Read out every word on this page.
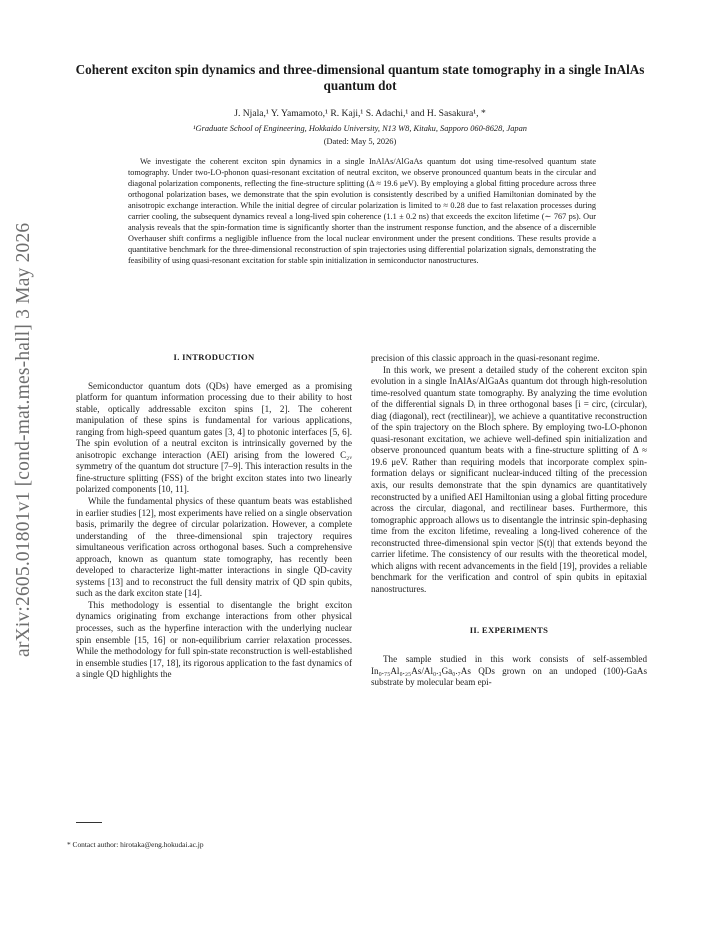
arXiv:2605.01801v1 [cond-mat.mes-hall] 3 May 2026
Coherent exciton spin dynamics and three-dimensional quantum state tomography in a single InAlAs quantum dot
J. Njala,¹ Y. Yamamoto,¹ R. Kaji,¹ S. Adachi,¹ and H. Sasakura¹, *
¹Graduate School of Engineering, Hokkaido University, N13 W8, Kitaku, Sapporo 060-8628, Japan
(Dated: May 5, 2026)
We investigate the coherent exciton spin dynamics in a single InAlAs/AlGaAs quantum dot using time-resolved quantum state tomography. Under two-LO-phonon quasi-resonant excitation of neutral exciton, we observe pronounced quantum beats in the circular and diagonal polarization components, reflecting the fine-structure splitting (Δ ≈ 19.6 μeV). By employing a global fitting procedure across three orthogonal polarization bases, we demonstrate that the spin evolution is consistently described by a unified Hamiltonian dominated by the anisotropic exchange interaction. While the initial degree of circular polarization is limited to ≈ 0.28 due to fast relaxation processes during carrier cooling, the subsequent dynamics reveal a long-lived spin coherence (1.1 ± 0.2 ns) that exceeds the exciton lifetime (∼ 767 ps). Our analysis reveals that the spin-formation time is significantly shorter than the instrument response function, and the absence of a discernible Overhauser shift confirms a negligible influence from the local nuclear environment under the present conditions. These results provide a quantitative benchmark for the three-dimensional reconstruction of spin trajectories using differential polarization signals, demonstrating the feasibility of using quasi-resonant excitation for stable spin initialization in semiconductor nanostructures.
I. INTRODUCTION

Semiconductor quantum dots (QDs) have emerged as a promising platform for quantum information processing due to their ability to host stable, optically addressable exciton spins [1, 2]. The coherent manipulation of these spins is fundamental for various applications, ranging from high-speed quantum gates [3, 4] to photonic interfaces [5, 6]. The spin evolution of a neutral exciton is intrinsically governed by the anisotropic exchange interaction (AEI) arising from the lowered C₂ᵥ symmetry of the quantum dot structure [7–9]. This interaction results in the fine-structure splitting (FSS) of the bright exciton states into two linearly polarized components [10, 11].

While the fundamental physics of these quantum beats was established in earlier studies [12], most experiments have relied on a single observation basis, primarily the degree of circular polarization. However, a complete understanding of the three-dimensional spin trajectory requires simultaneous verification across orthogonal bases. Such a comprehensive approach, known as quantum state tomography, has recently been developed to characterize light-matter interactions in single QD-cavity systems [13] and to reconstruct the full density matrix of QD spin qubits, such as the dark exciton state [14].

This methodology is essential to disentangle the bright exciton dynamics originating from exchange interactions from other physical processes, such as the hyperfine interaction with the underlying nuclear spin ensemble [15, 16] or non-equilibrium carrier relaxation processes. While the methodology for full spin-state reconstruction is well-established in ensemble studies [17, 18], its rigorous application to the fast dynamics of a single QD highlights the

precision of this classic approach in the quasi-resonant regime.

In this work, we present a detailed study of the coherent exciton spin evolution in a single InAlAs/AlGaAs quantum dot through high-resolution time-resolved quantum state tomography. By analyzing the time evolution of the differential signals Dᵢ in three orthogonal bases [i = circ, (circular), diag (diagonal), rect (rectilinear)], we achieve a quantitative reconstruction of the spin trajectory on the Bloch sphere. By employing two-LO-phonon quasi-resonant excitation, we achieve well-defined spin initialization and observe pronounced quantum beats with a fine-structure splitting of Δ ≈ 19.6 μeV. Rather than requiring models that incorporate complex spin-formation delays or significant nuclear-induced tilting of the precession axis, our results demonstrate that the spin dynamics are quantitatively reconstructed by a unified AEI Hamiltonian using a global fitting procedure across the circular, diagonal, and rectilinear bases. Furthermore, this tomographic approach allows us to disentangle the intrinsic spin-dephasing time from the exciton lifetime, revealing a long-lived coherence of the reconstructed three-dimensional spin vector |S(t)| that extends beyond the carrier lifetime. The consistency of our results with the theoretical model, which aligns with recent advancements in the field [19], provides a reliable benchmark for the verification and control of spin qubits in epitaxial nanostructures.

II. EXPERIMENTS

The sample studied in this work consists of self-assembled In₀.₇₅Al₀.₂₅As/Al₀.₃Ga₀.₇As QDs grown on an undoped (100)-GaAs substrate by molecular beam epi-

* Contact author: hirotaka@eng.hokudai.ac.jp
